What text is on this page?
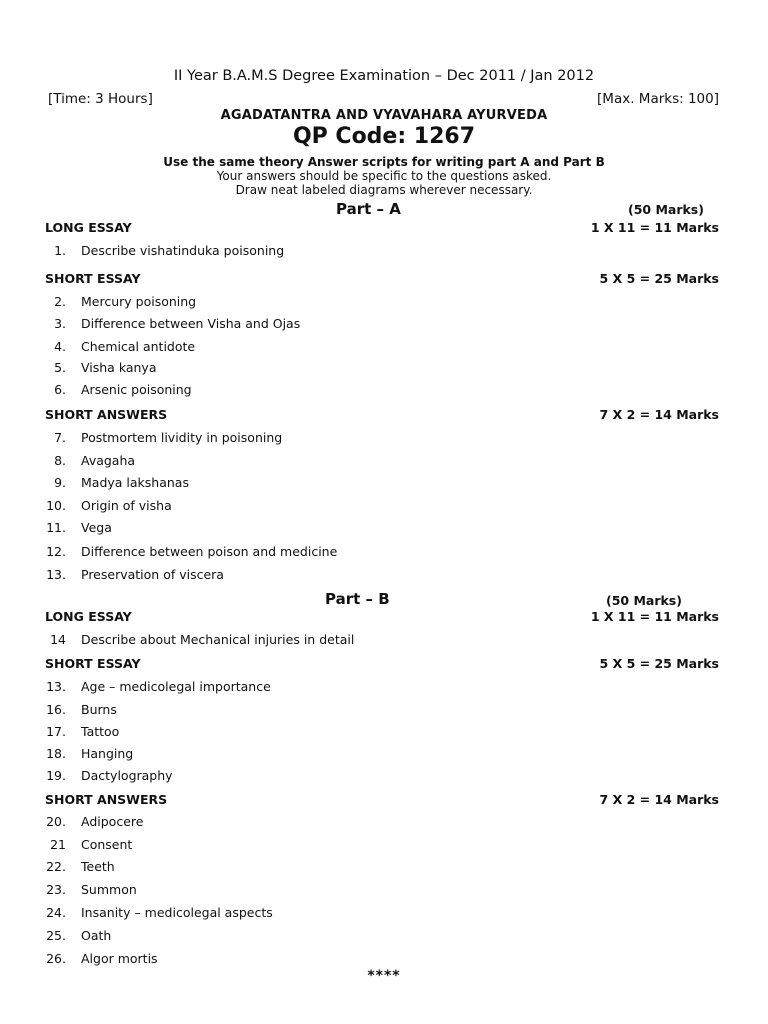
II Year B.A.M.S Degree Examination – Dec 2011 / Jan 2012
[Time: 3 Hours]	[Max. Marks: 100]
AGADATANTRA AND VYAVAHARA AYURVEDA
QP Code: 1267
Use the same theory Answer scripts for writing part A and Part B
Your answers should be specific to the questions asked.
Draw neat labeled diagrams wherever necessary.
Part – A	(50 Marks)
LONG ESSAY	1 X 11 = 11 Marks
1. Describe vishatinduka poisoning
SHORT ESSAY	5 X 5 = 25 Marks
2. Mercury poisoning
3. Difference between Visha and Ojas
4. Chemical antidote
5. Visha kanya
6. Arsenic poisoning
SHORT ANSWERS	7 X 2 = 14 Marks
7. Postmortem lividity in poisoning
8. Avagaha
9. Madya lakshanas
10. Origin of visha
11. Vega
12. Difference between poison and medicine
13. Preservation of viscera
Part – B	(50 Marks)
LONG ESSAY	1 X 11 = 11 Marks
14 Describe about Mechanical injuries in detail
SHORT ESSAY	5 X 5 = 25 Marks
13. Age – medicolegal importance
16. Burns
17. Tattoo
18. Hanging
19. Dactylography
SHORT ANSWERS	7 X 2 = 14 Marks
20. Adipocere
21 Consent
22. Teeth
23. Summon
24. Insanity – medicolegal aspects
25. Oath
26. Algor mortis
****
